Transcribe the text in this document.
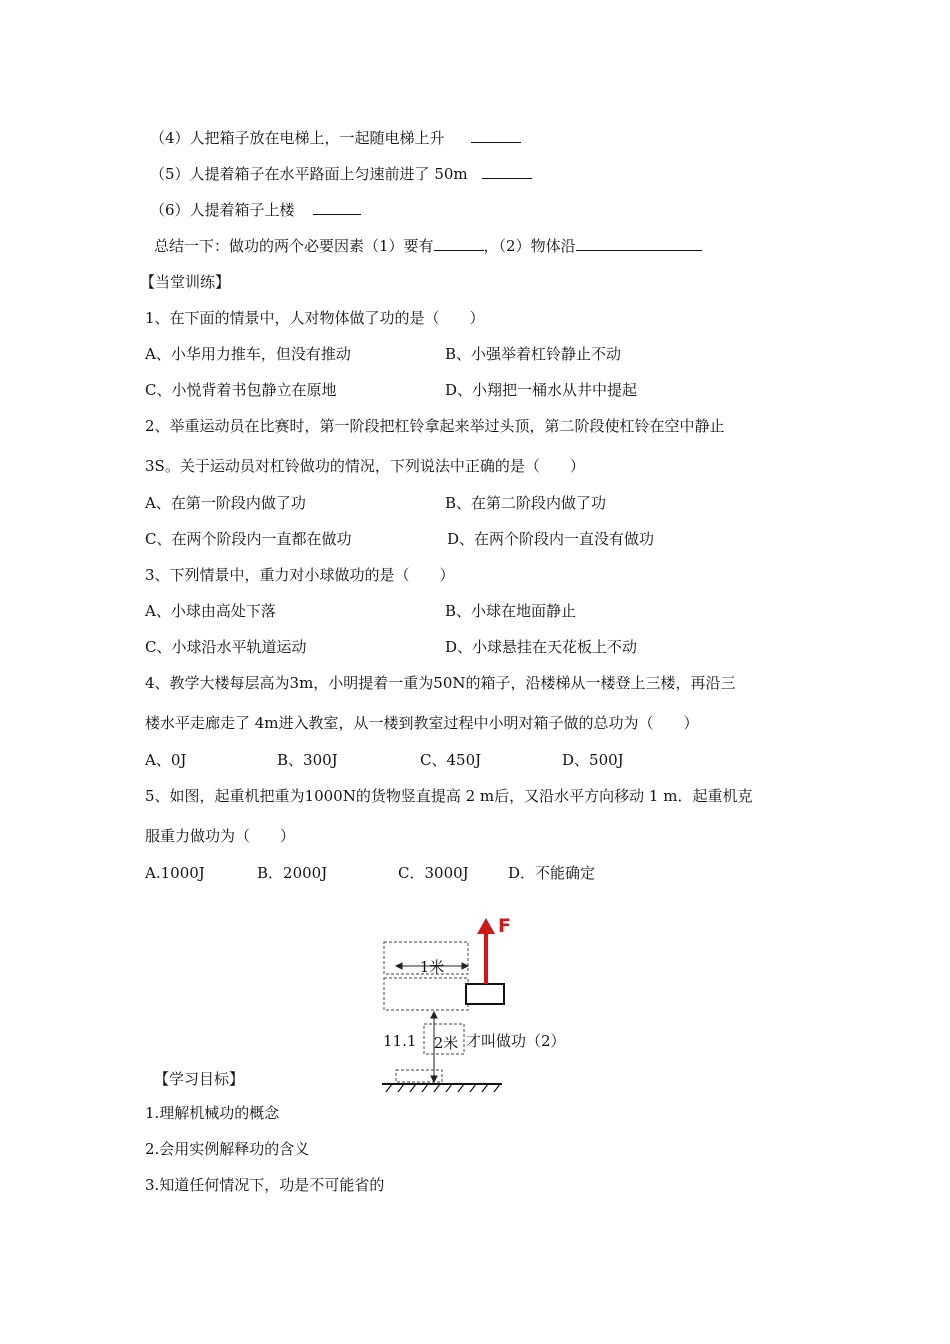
（4）人把箱子放在电梯上，一起随电梯上升
（5）人提着箱子在水平路面上匀速前进了 50m
（6）人提着箱子上楼
总结一下：做功的两个必要因素（1）要有	，（2）物体沿
【当堂训练】
1、在下面的情景中，人对物体做了功的是（　　）
A、小华用力推车，但没有推动	B、小强举着杠铃静止不动
C、小悦背着书包静立在原地	D、小翔把一桶水从井中提起
2、举重运动员在比赛时，第一阶段把杠铃拿起来举过头顶，第二阶段使杠铃在空中静止
3S。关于运动员对杠铃做功的情况，下列说法中正确的是（　　）
A、在第一阶段内做了功	B、在第二阶段内做了功
C、在两个阶段内一直都在做功	D、在两个阶段内一直没有做功
3、下列情景中，重力对小球做功的是（　　）
A、小球由高处下落	B、小球在地面静止
C、小球沿水平轨道运动	D、小球悬挂在天花板上不动
4、教学大楼每层高为3m，小明提着一重为50N的箱子，沿楼梯从一楼登上三楼，再沿三
楼水平走廊走了 4m进入教室，从一楼到教室过程中小明对箱子做的总功为（　　）
A、0J	B、300J	C、450J	D、500J
5、如图，起重机把重为1000N的货物竖直提高 2 m后，又沿水平方向移动 1 m．起重机克
服重力做功为（　　）
A.1000J	B．2000J	C．3000J	D．不能确定
1米
F
2米
11.1	才叫做功（2）
【学习目标】
1.理解机械功的概念
2.会用实例解释功的含义
3.知道任何情况下，功是不可能省的
